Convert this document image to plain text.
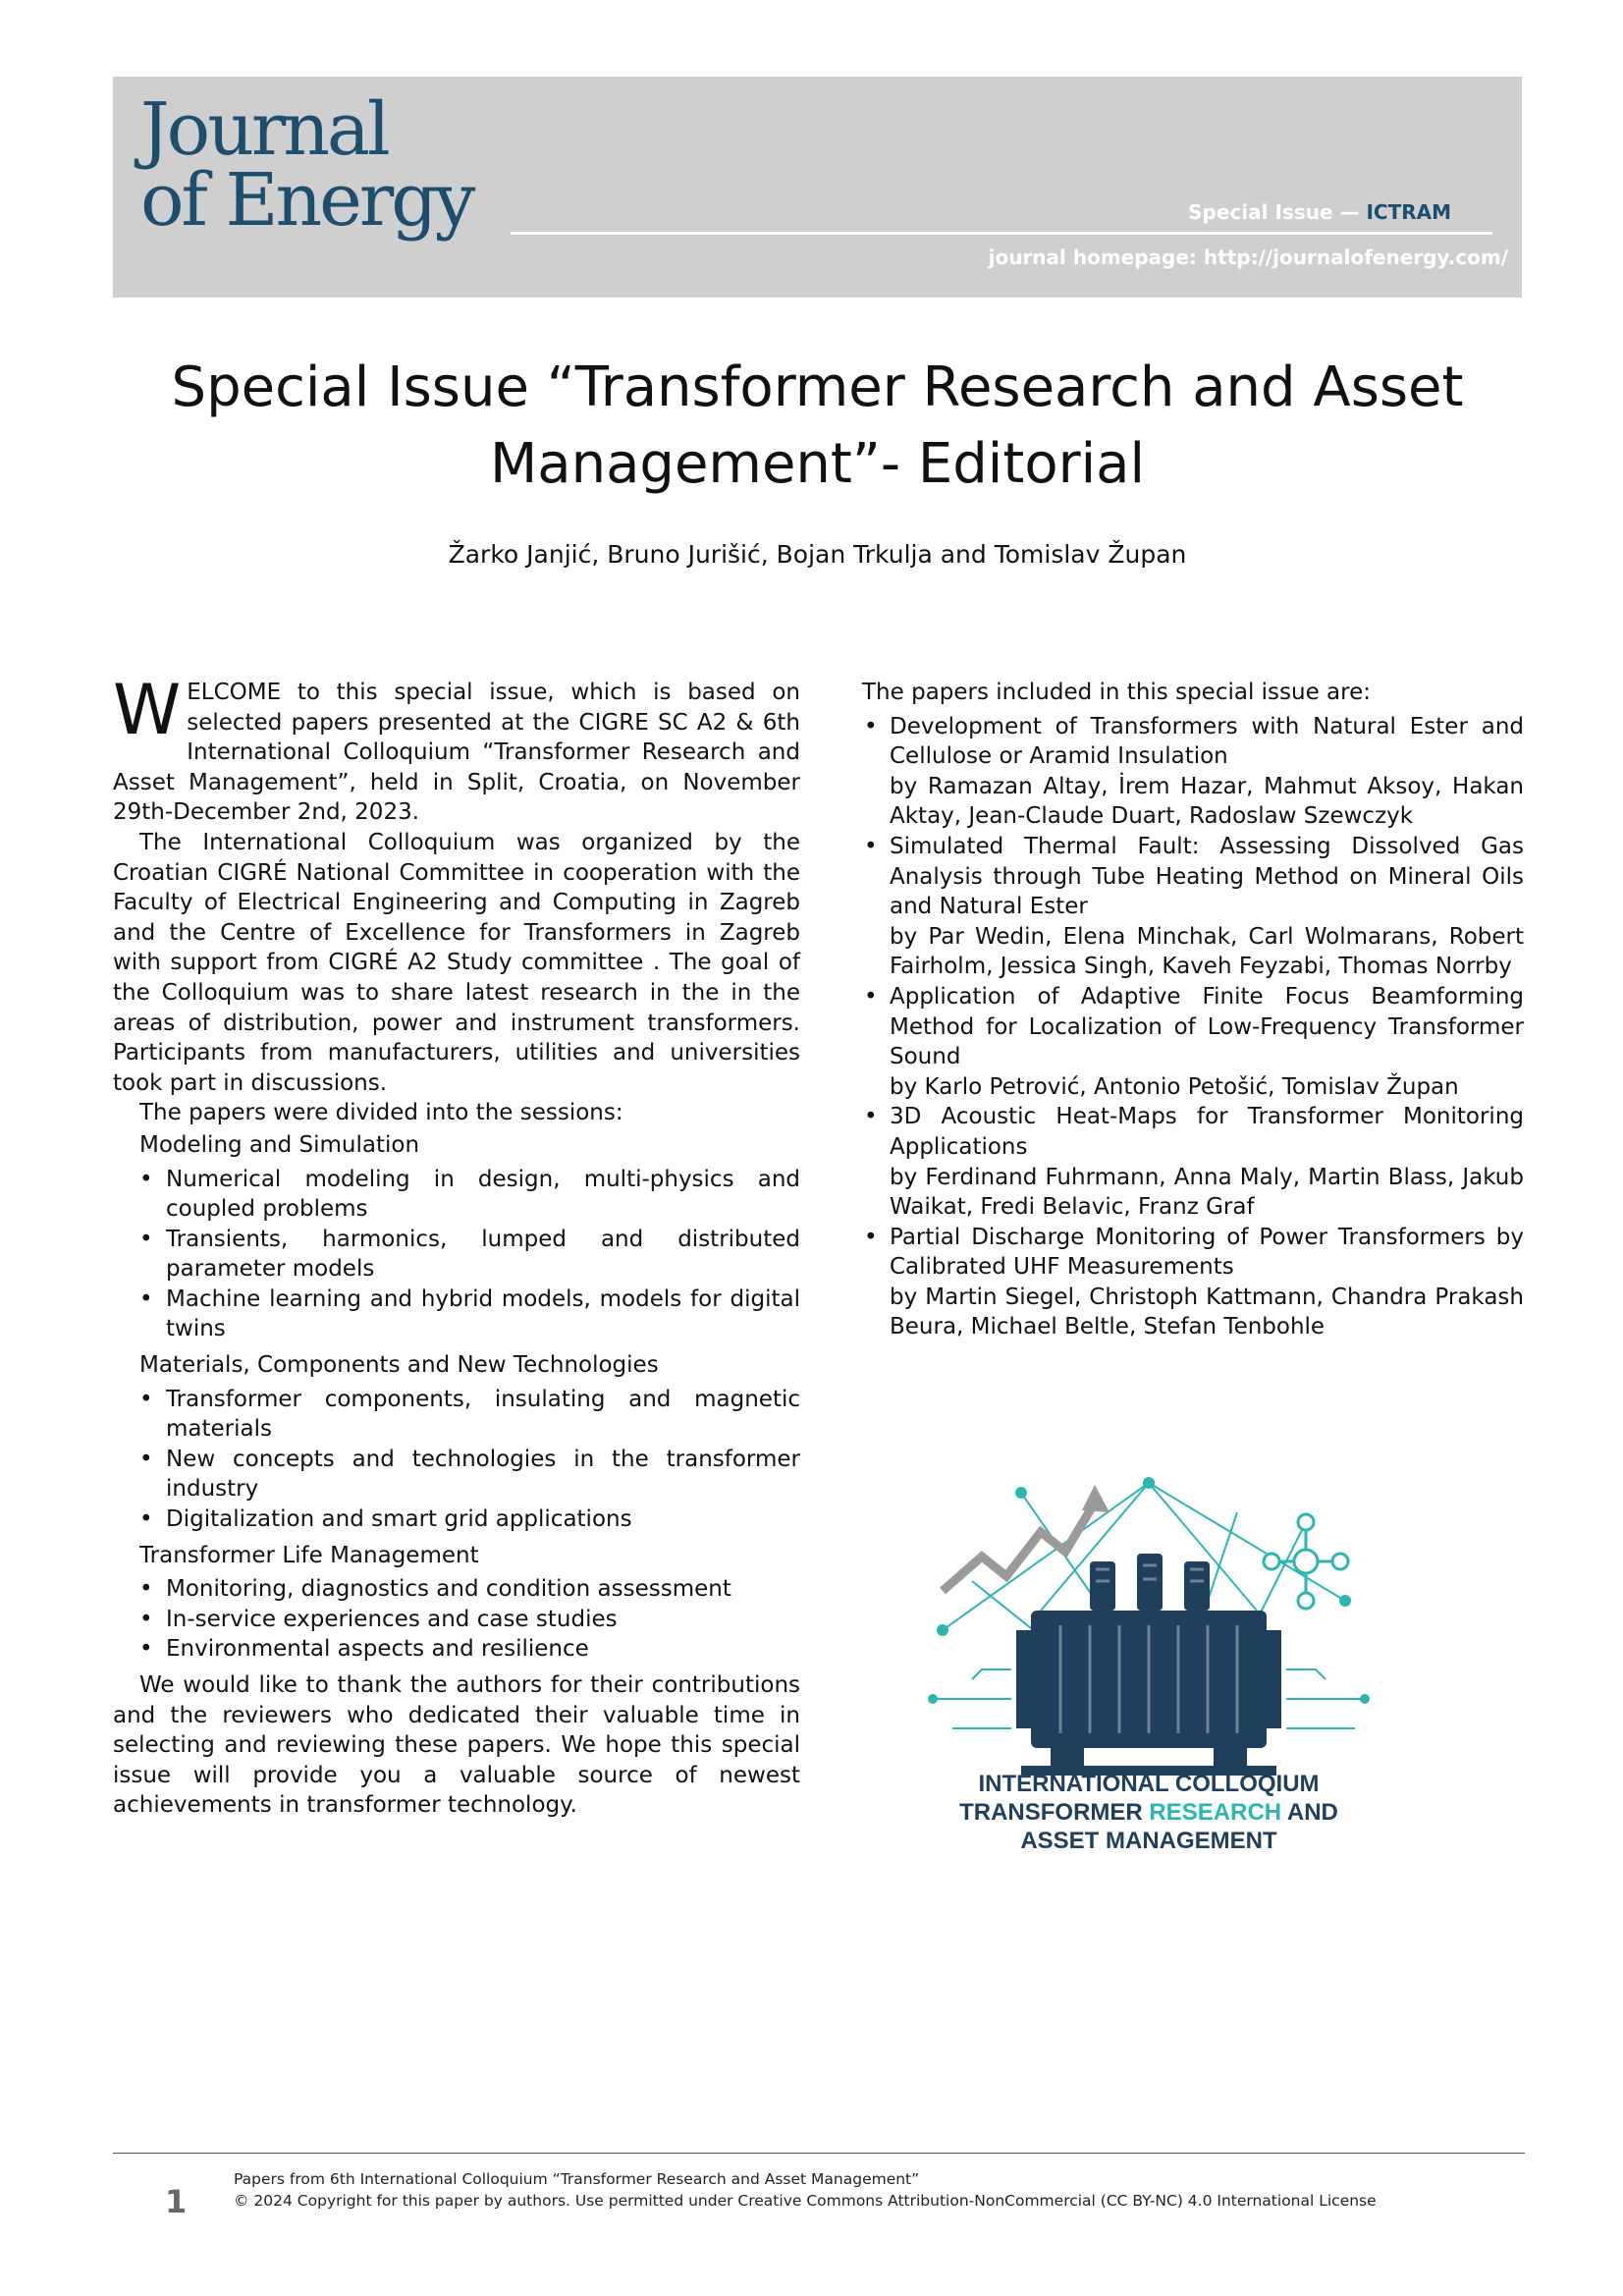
Journal
of Energy	Special Issue — ICTRAM
journal homepage: http://journalofenergy.com/
Special Issue “Transformer Research and Asset
Management”- Editorial
Žarko Janjić, Bruno Jurišić, Bojan Trkulja and Tomislav Župan

WELCOME to this special issue, which is based on selected papers presented at the CIGRE SC A2 & 6th International Colloquium “Transformer Research and Asset Management”, held in Split, Croatia, on November 29th-December 2nd, 2023.

The International Colloquium was organized by the Croatian CIGRÉ National Committee in cooperation with the Faculty of Electrical Engineering and Computing in Zagreb and the Centre of Excellence for Transformers in Zagreb with support from CIGRÉ A2 Study committee . The goal of the Colloquium was to share latest research in the in the areas of distribution, power and instrument transformers. Participants from manufacturers, utilities and universities took part in discussions.

The papers were divided into the sessions:

Modeling and Simulation
• Numerical modeling in design, multi-physics and coupled problems
• Transients, harmonics, lumped and distributed parameter models
• Machine learning and hybrid models, models for digital twins
Materials, Components and New Technologies
• Transformer components, insulating and magnetic materials
• New concepts and technologies in the transformer industry
• Digitalization and smart grid applications
Transformer Life Management
• Monitoring, diagnostics and condition assessment
• In-service experiences and case studies
• Environmental aspects and resilience

We would like to thank the authors for their contributions and the reviewers who dedicated their valuable time in selecting and reviewing these papers. We hope this special issue will provide you a valuable source of newest achievements in transformer technology.

The papers included in this special issue are:

• Development of Transformers with Natural Ester and Cellulose or Aramid Insulation
by Ramazan Altay, İrem Hazar, Mahmut Aksoy, Hakan Aktay, Jean-Claude Duart, Radoslaw Szewczyk
• Simulated Thermal Fault: Assessing Dissolved Gas Analysis through Tube Heating Method on Mineral Oils and Natural Ester
by Par Wedin, Elena Minchak, Carl Wolmarans, Robert Fairholm, Jessica Singh, Kaveh Feyzabi, Thomas Norrby
• Application of Adaptive Finite Focus Beamforming Method for Localization of Low-Frequency Transformer Sound
by Karlo Petrović, Antonio Petošić, Tomislav Župan
• 3D Acoustic Heat-Maps for Transformer Monitoring Applications
by Ferdinand Fuhrmann, Anna Maly, Martin Blass, Jakub Waikat, Fredi Belavic, Franz Graf
• Partial Discharge Monitoring of Power Transformers by Calibrated UHF Measurements
by Martin Siegel, Christoph Kattmann, Chandra Prakash Beura, Michael Beltle, Stefan Tenbohle
INTERNATIONAL COLLOQIUM
TRANSFORMER RESEARCH AND
ASSET MANAGEMENT
1
Papers from 6th International Colloquium “Transformer Research and Asset Management”
© 2024 Copyright for this paper by authors. Use permitted under Creative Commons Attribution-NonCommercial (CC BY-NC) 4.0 International License
